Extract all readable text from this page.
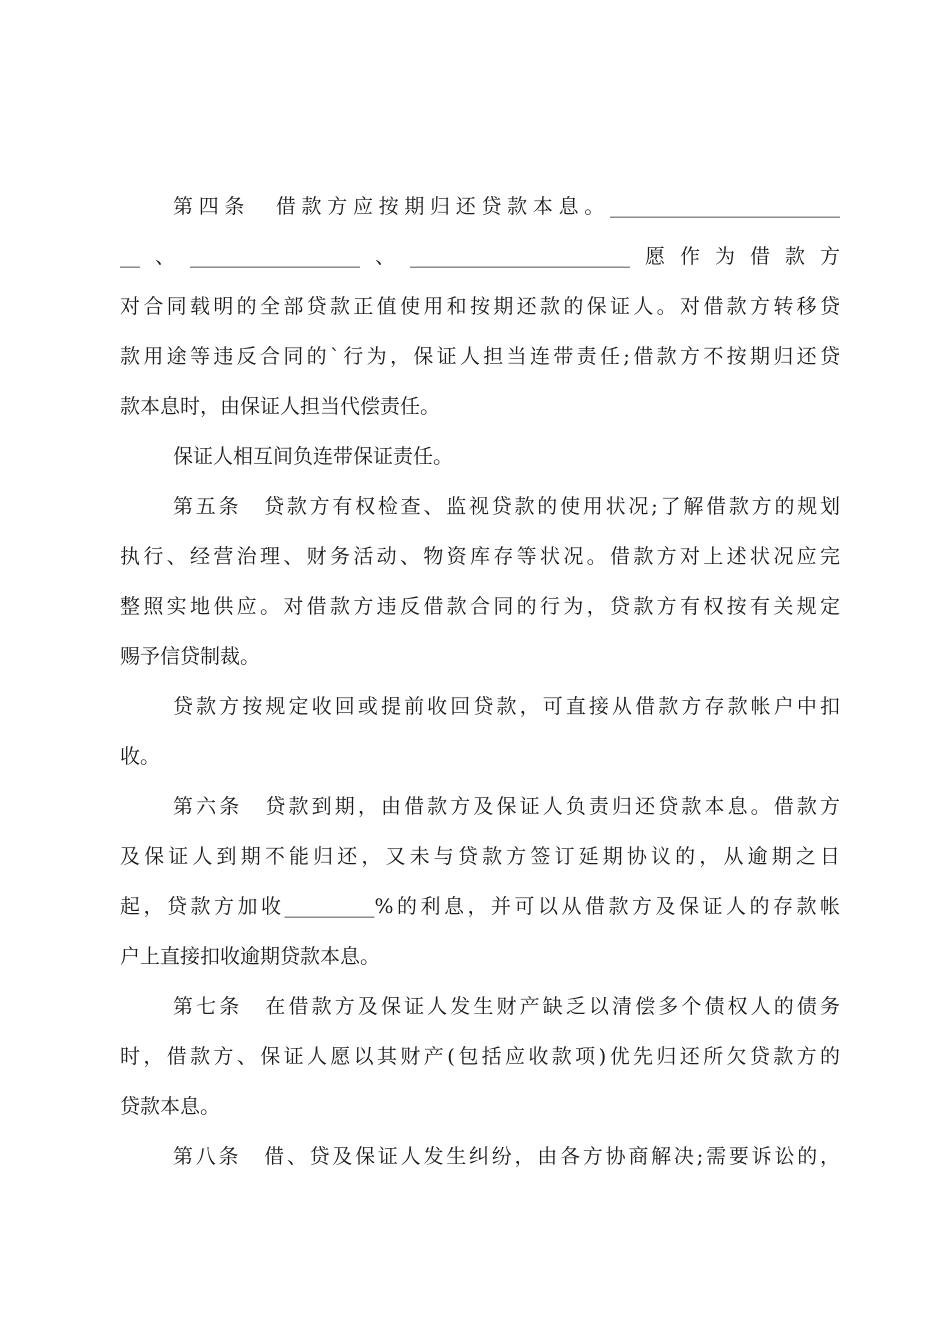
第四条　借款方应按期归还贷款本息。_______________________
__、_________________、______________________愿作为借款方
对合同载明的全部贷款正值使用和按期还款的保证人。对借款方转移贷
款用途等违反合同的`行为，保证人担当连带责任;借款方不按期归还贷
款本息时，由保证人担当代偿责任。
保证人相互间负连带保证责任。
第五条　贷款方有权检查、监视贷款的使用状况;了解借款方的规划
执行、经营治理、财务活动、物资库存等状况。借款方对上述状况应完
整照实地供应。对借款方违反借款合同的行为，贷款方有权按有关规定
赐予信贷制裁。
贷款方按规定收回或提前收回贷款，可直接从借款方存款帐户中扣
收。
第六条　贷款到期，由借款方及保证人负责归还贷款本息。借款方
及保证人到期不能归还，又未与贷款方签订延期协议的，从逾期之日
起，贷款方加收_________%的利息，并可以从借款方及保证人的存款帐
户上直接扣收逾期贷款本息。
第七条　在借款方及保证人发生财产缺乏以清偿多个债权人的债务
时，借款方、保证人愿以其财产(包括应收款项)优先归还所欠贷款方的
贷款本息。
第八条　借、贷及保证人发生纠纷，由各方协商解决;需要诉讼的，
